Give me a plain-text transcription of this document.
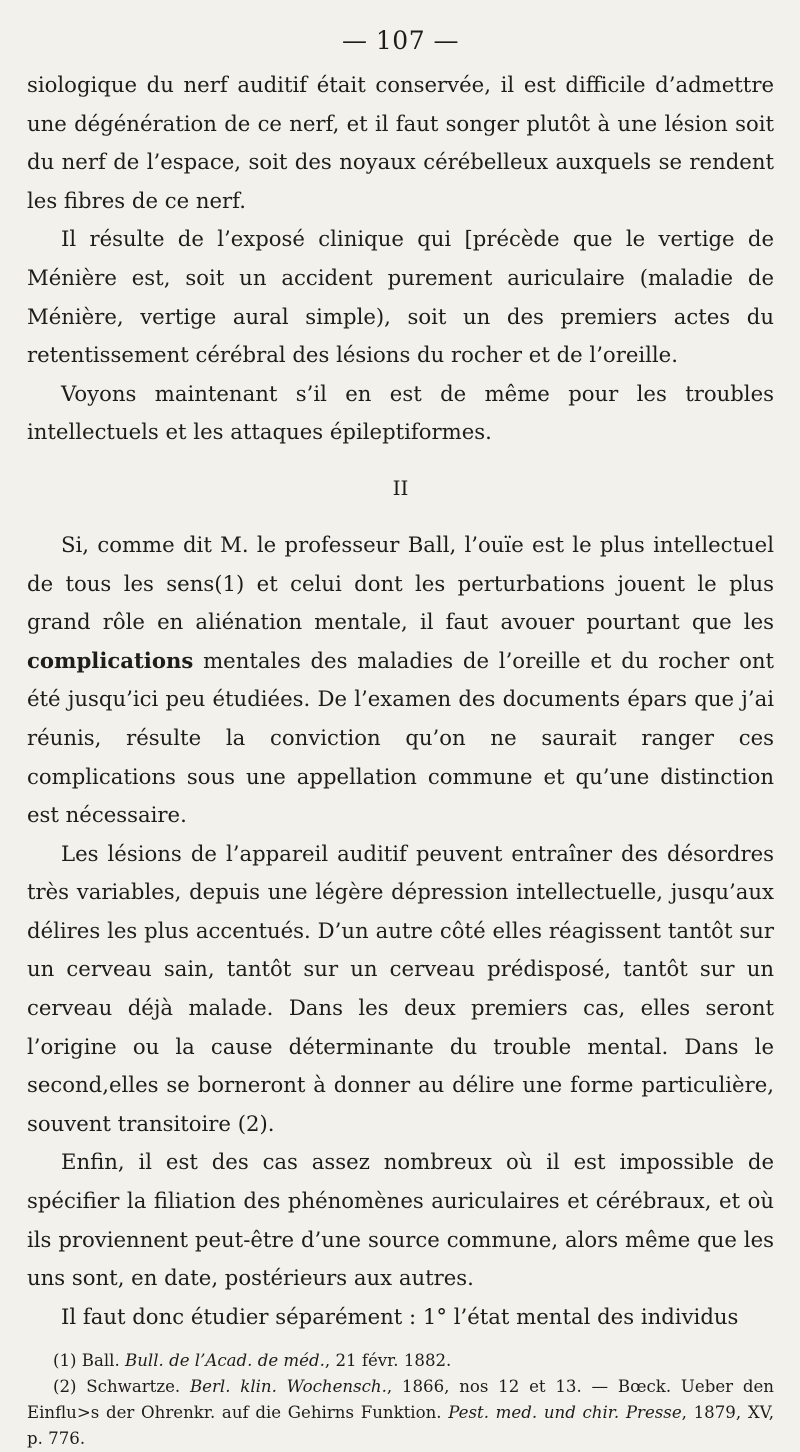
— 107 —

siologique du nerf auditif était conservée, il est difficile d’admettre une dégénération de ce nerf, et il faut songer plutôt à une lésion soit du nerf de l’espace, soit des noyaux cérébelleux auxquels se rendent les fibres de ce nerf.

Il résulte de l’exposé clinique qui [précède que le vertige de Ménière est, soit un accident purement auriculaire (maladie de Ménière, vertige aural simple), soit un des premiers actes du retentissement cérébral des lésions du rocher et de l’oreille.

Voyons maintenant s’il en est de même pour les troubles intellectuels et les attaques épileptiformes.

II

Si, comme dit M. le professeur Ball, l’ouïe est le plus intellectuel de tous les sens(1) et celui dont les perturbations jouent le plus grand rôle en aliénation mentale, il faut avouer pourtant que les complications mentales des maladies de l’oreille et du rocher ont été jusqu’ici peu étudiées. De l’examen des documents épars que j’ai réunis, résulte la conviction qu’on ne saurait ranger ces complications sous une appellation commune et qu’une distinction est nécessaire.

Les lésions de l’appareil auditif peuvent entraîner des désordres très variables, depuis une légère dépression intellectuelle, jusqu’aux délires les plus accentués. D’un autre côté elles réagissent tantôt sur un cerveau sain, tantôt sur un cerveau prédisposé, tantôt sur un cerveau déjà malade. Dans les deux premiers cas, elles seront l’origine ou la cause déterminante du trouble mental. Dans le second,elles se borneront à donner au délire une forme particulière, souvent transitoire (2).

Enfin, il est des cas assez nombreux où il est impossible de spécifier la filiation des phénomènes auriculaires et cérébraux, et où ils proviennent peut-être d’une source commune, alors même que les uns sont, en date, postérieurs aux autres.

Il faut donc étudier séparément : 1° l’état mental des individus

(1) Ball. Bull. de l’Acad. de méd., 21 févr. 1882.

(2) Schwartze. Berl. klin. Wochensch., 1866, nos 12 et 13. — Bœck. Ueber den Einflu>s der Ohrenkr. auf die Gehirns Funktion. Pest. med. und chir. Presse, 1879, XV, p. 776.
